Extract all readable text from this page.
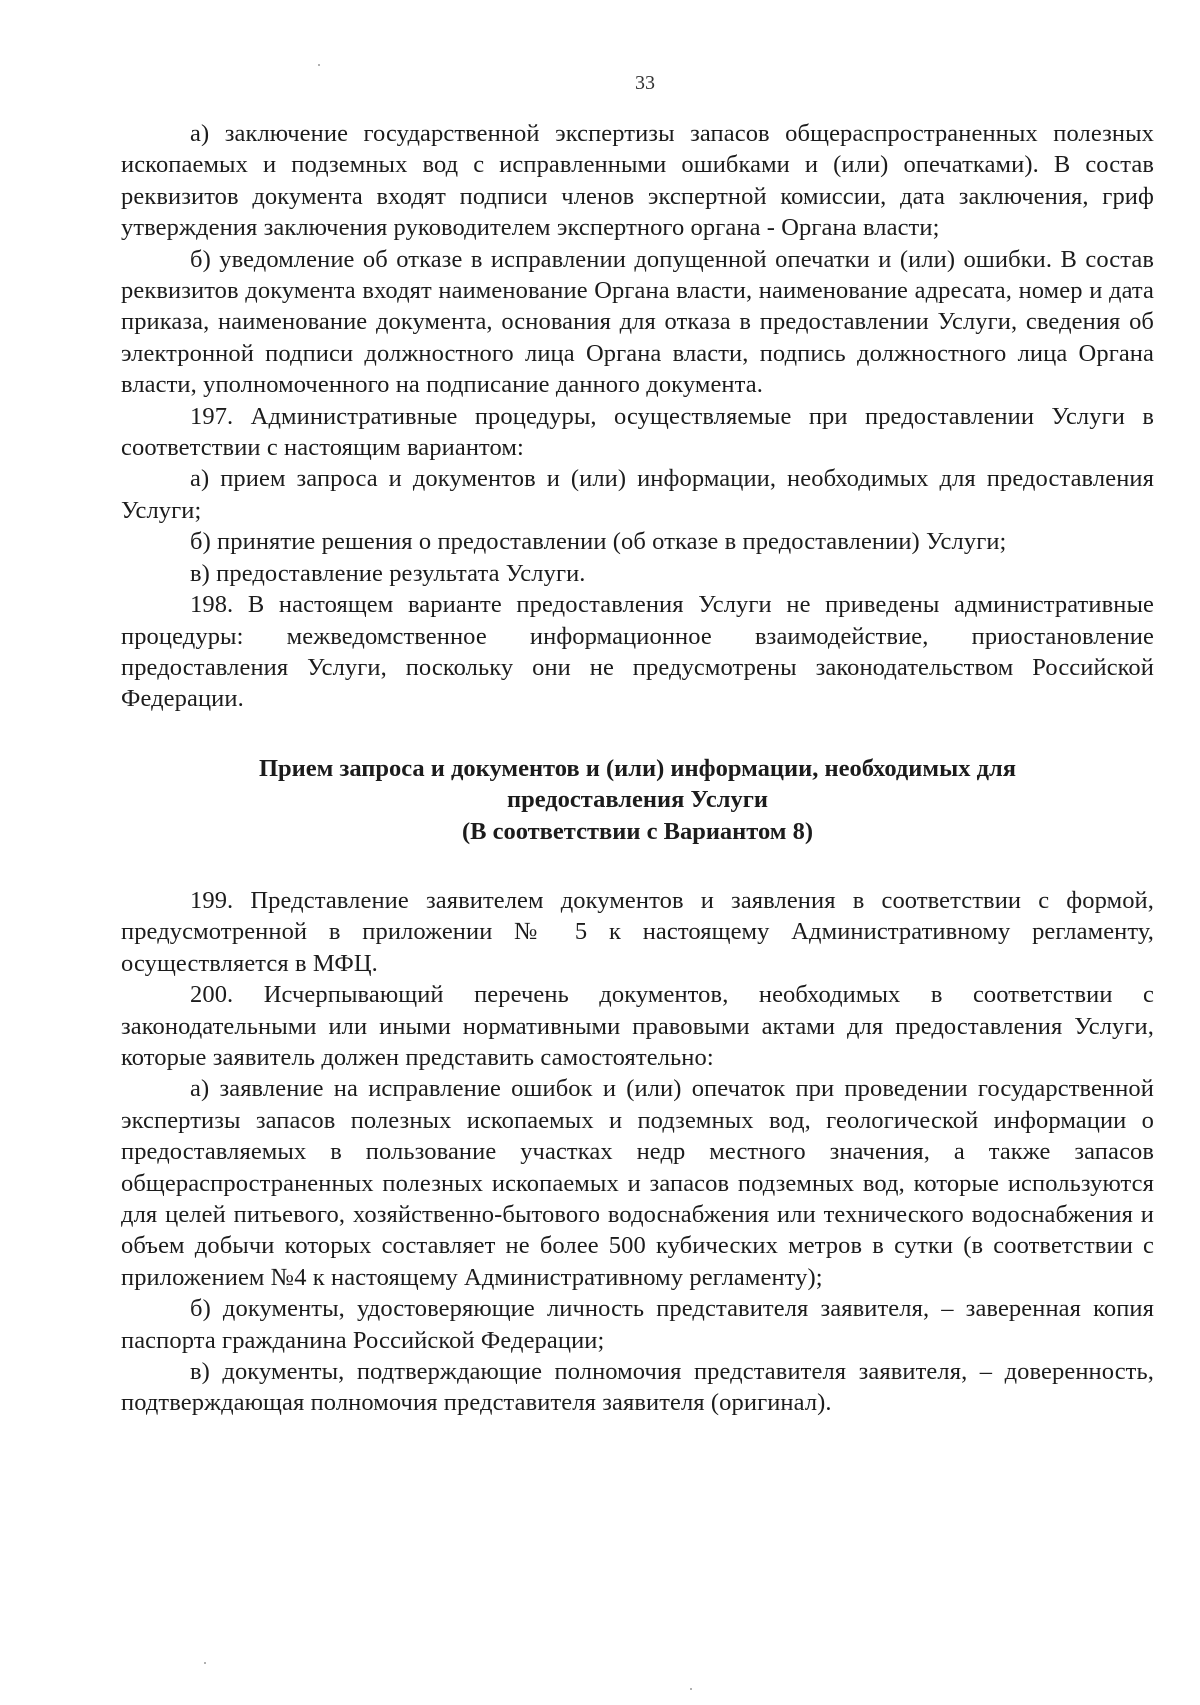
33

а) заключение государственной экспертизы запасов общераспространенных полезных ископаемых и подземных вод с исправленными ошибками и (или) опечатками). В состав реквизитов документа входят подписи членов экспертной комиссии, дата заключения, гриф утверждения заключения руководителем экспертного органа - Органа власти;

б) уведомление об отказе в исправлении допущенной опечатки и (или) ошибки. В состав реквизитов документа входят наименование Органа власти, наименование адресата, номер и дата приказа, наименование документа, основания для отказа в предоставлении Услуги, сведения об электронной подписи должностного лица Органа власти, подпись должностного лица Органа власти, уполномоченного на подписание данного документа.

197. Административные процедуры, осуществляемые при предоставлении Услуги в соответствии с настоящим вариантом:

а) прием запроса и документов и (или) информации, необходимых для предоставления Услуги;

б) принятие решения о предоставлении (об отказе в предоставлении) Услуги;

в) предоставление результата Услуги.

198. В настоящем варианте предоставления Услуги не приведены административные процедуры: межведомственное информационное взаимодействие, приостановление предоставления Услуги, поскольку они не предусмотрены законодательством Российской Федерации.

Прием запроса и документов и (или) информации, необходимых для
предоставления Услуги
(В соответствии с Вариантом 8)

199. Представление заявителем документов и заявления в соответствии с формой, предусмотренной в приложении № 5 к настоящему Административному регламенту, осуществляется в МФЦ.

200. Исчерпывающий перечень документов, необходимых в соответствии с законодательными или иными нормативными правовыми актами для предоставления Услуги, которые заявитель должен представить самостоятельно:

а) заявление на исправление ошибок и (или) опечаток при проведении государственной экспертизы запасов полезных ископаемых и подземных вод, геологической информации о предоставляемых в пользование участках недр местного значения, а также запасов общераспространенных полезных ископаемых и запасов подземных вод, которые используются для целей питьевого, хозяйственно-бытового водоснабжения или технического водоснабжения и объем добычи которых составляет не более 500 кубических метров в сутки (в соответствии с приложением №4 к настоящему Административному регламенту);

б) документы, удостоверяющие личность представителя заявителя, – заверенная копия паспорта гражданина Российской Федерации;

в) документы, подтверждающие полномочия представителя заявителя, – доверенность, подтверждающая полномочия представителя заявителя (оригинал).
